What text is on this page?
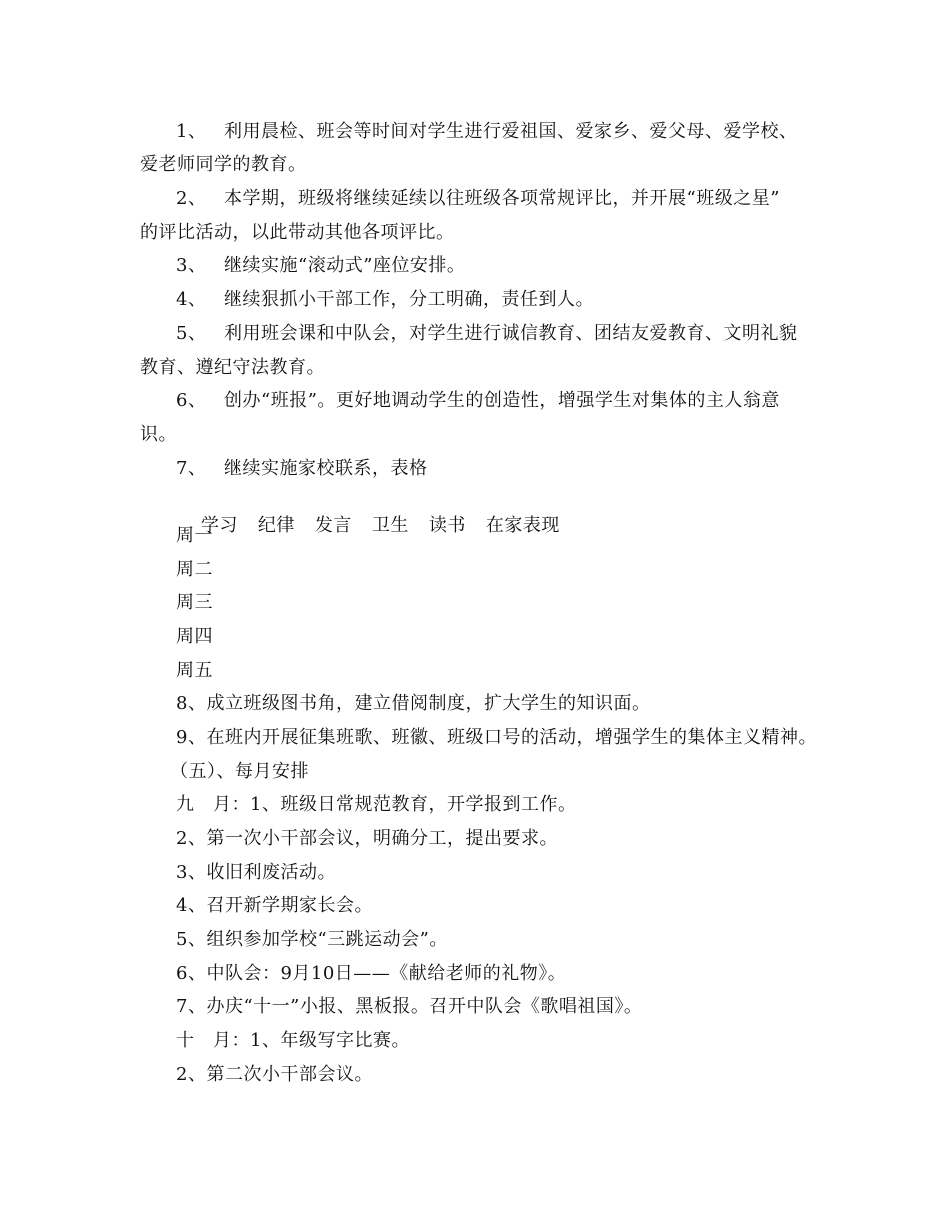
1、 利用晨检、班会等时间对学生进行爱祖国、爱家乡、爱父母、爱学校、
爱老师同学的教育。
2、 本学期，班级将继续延续以往班级各项常规评比，并开展“班级之星”
的评比活动，以此带动其他各项评比。
3、 继续实施“滚动式”座位安排。
4、 继续狠抓小干部工作，分工明确，责任到人。
5、 利用班会课和中队会，对学生进行诚信教育、团结友爱教育、文明礼貌
教育、遵纪守法教育。
6、 创办“班报”。更好地调动学生的创造性，增强学生对集体的主人翁意
识。
7、 继续实施家校联系，表格

学习 纪律 发言 卫生 读书 在家表现

周一
周二
周三
周四
周五
8、成立班级图书角，建立借阅制度，扩大学生的知识面。
9、在班内开展征集班歌、班徽、班级口号的活动，增强学生的集体主义精神。
（五）、每月安排
九　月：1、班级日常规范教育，开学报到工作。
2、第一次小干部会议，明确分工，提出要求。
3、收旧利废活动。
4、召开新学期家长会。
5、组织参加学校“三跳运动会”。
6、中队会：9月10日——《献给老师的礼物》。
7、办庆“十一”小报、黑板报。召开中队会《歌唱祖国》。
十　月：1、年级写字比赛。
2、第二次小干部会议。
